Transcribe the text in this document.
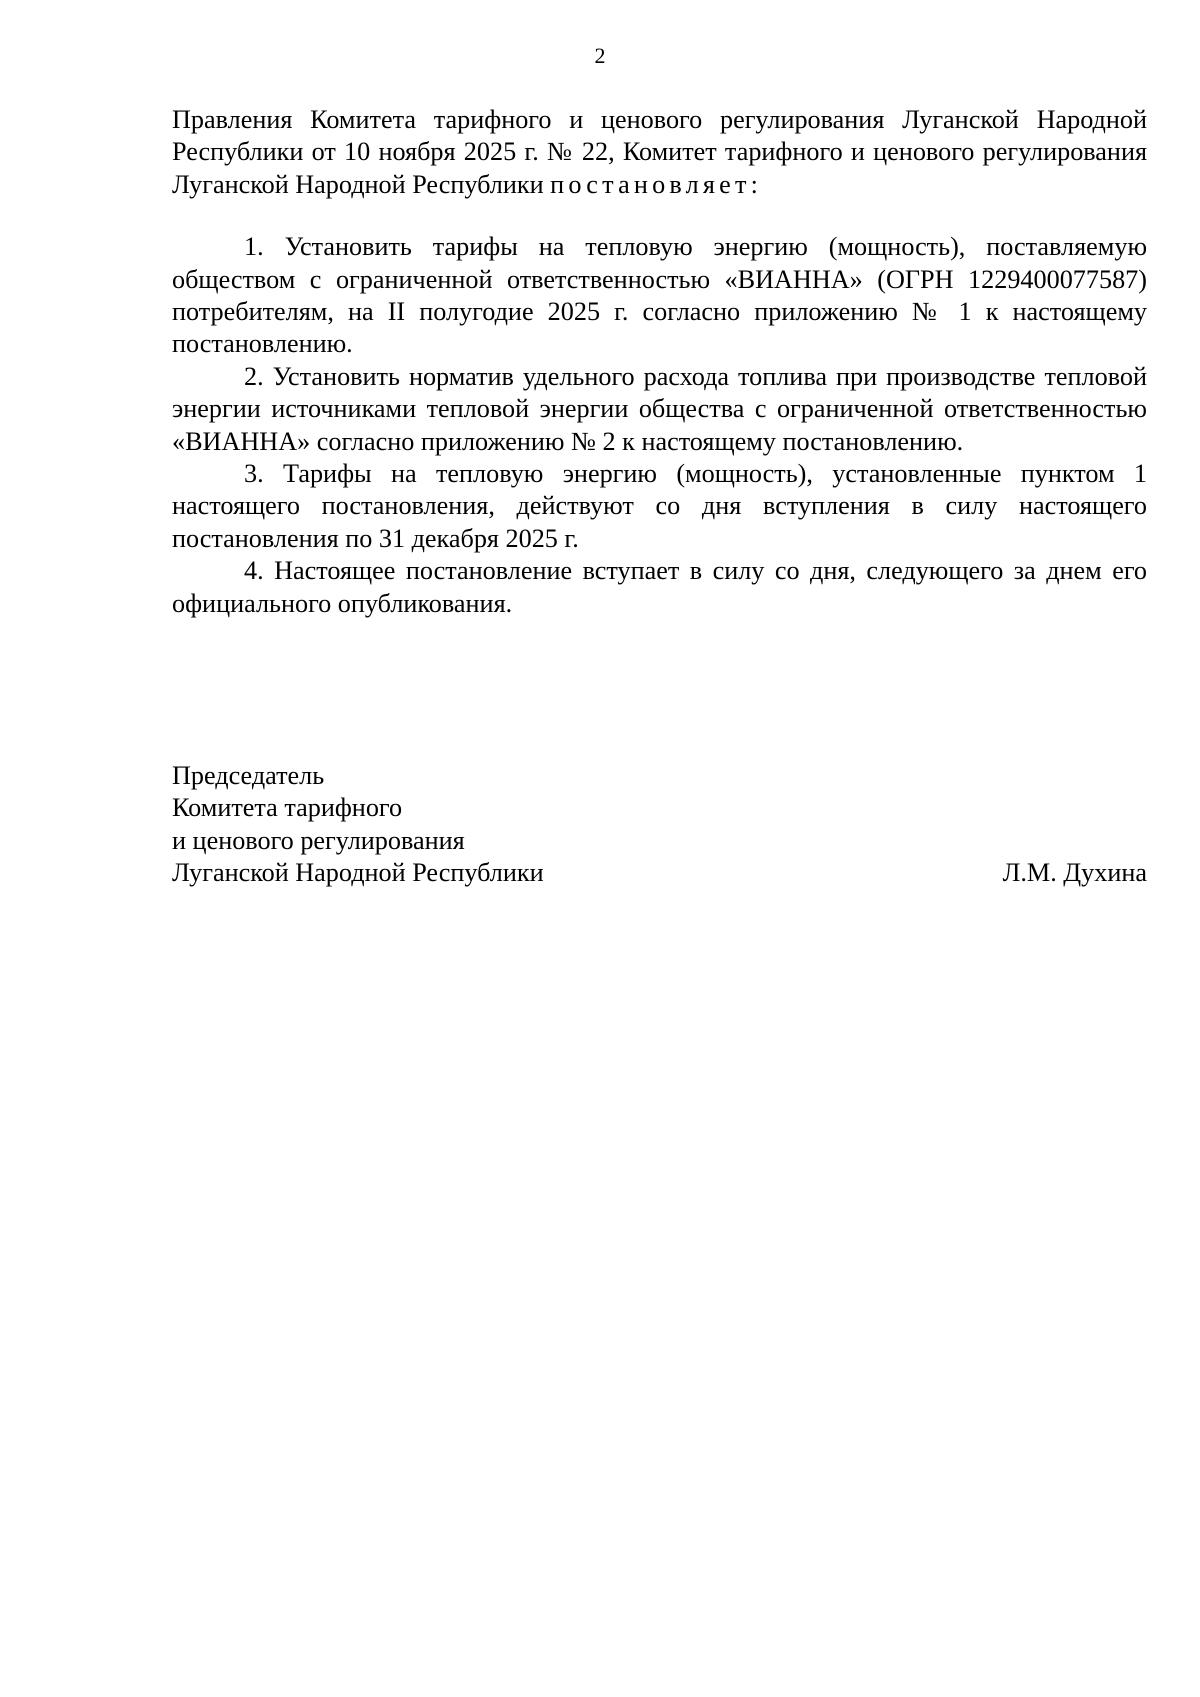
2

Правления Комитета тарифного и ценового регулирования Луганской Народной Республики от 10 ноября 2025 г. № 22, Комитет тарифного и ценового регулирования Луганской Народной Республики постановляет:

1. Установить тарифы на тепловую энергию (мощность), поставляемую обществом с ограниченной ответственностью «ВИАННА» (ОГРН 1229400077587) потребителям, на II полугодие 2025 г. согласно приложению № 1 к настоящему постановлению.

2. Установить норматив удельного расхода топлива при производстве тепловой энергии источниками тепловой энергии общества с ограниченной ответственностью «ВИАННА» согласно приложению № 2 к настоящему постановлению.

3. Тарифы на тепловую энергию (мощность), установленные пунктом 1 настоящего постановления, действуют со дня вступления в силу настоящего постановления по 31 декабря 2025 г.

4. Настоящее постановление вступает в силу со дня, следующего за днем его официального опубликования.

Председатель
Комитета тарифного
и ценового регулирования
Луганской Народной Республики	Л.М. Духина
